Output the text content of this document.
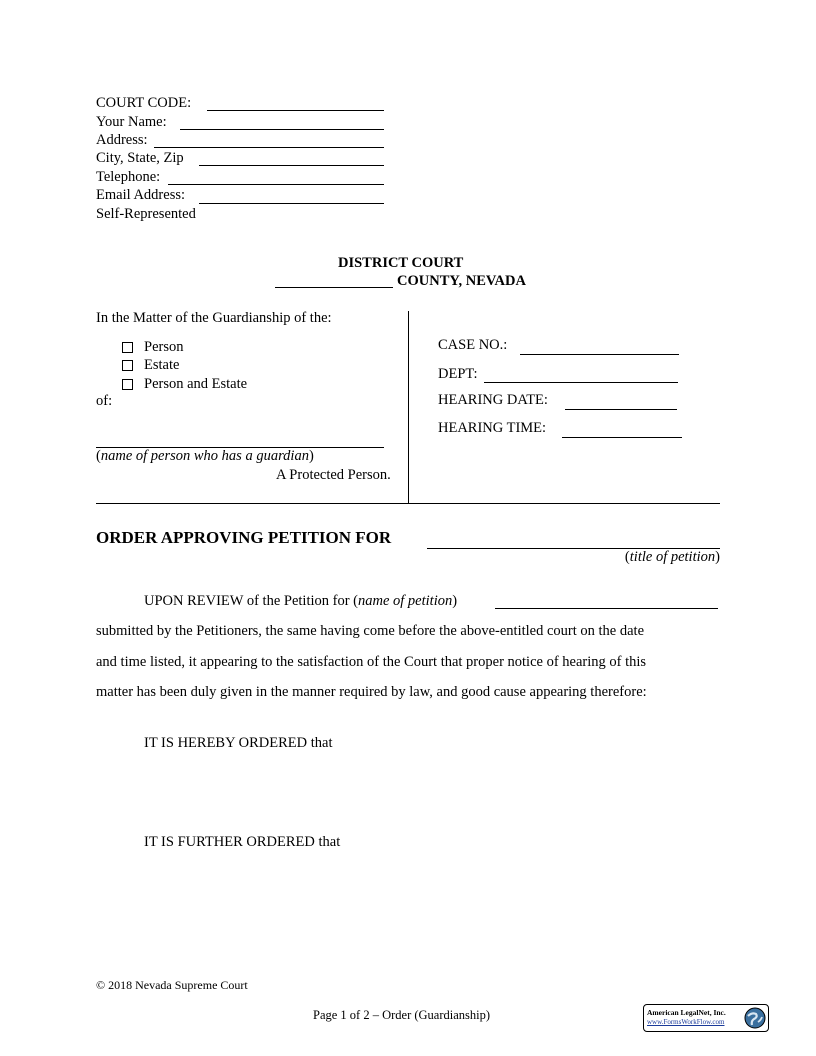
COURT CODE:
Your Name:
Address:
City, State, Zip
Telephone:
Email Address:
Self-Represented
DISTRICT COURT
COUNTY, NEVADA
In the Matter of the Guardianship of the:
Person
Estate
Person and Estate
of:
(name of person who has a guardian)
A Protected Person.
CASE NO.:
DEPT:
HEARING DATE:
HEARING TIME:
ORDER APPROVING PETITION FOR
(title of petition)
UPON REVIEW of the Petition for (name of petition)
submitted by the Petitioners, the same having come before the above-entitled court on the date
and time listed, it appearing to the satisfaction of the Court that proper notice of hearing of this
matter has been duly given in the manner required by law, and good cause appearing therefore:
IT IS HEREBY ORDERED that
IT IS FURTHER ORDERED that
© 2018 Nevada Supreme Court
Page 1 of 2 – Order (Guardianship)	American LegalNet, Inc.
www.FormsWorkFlow.com
